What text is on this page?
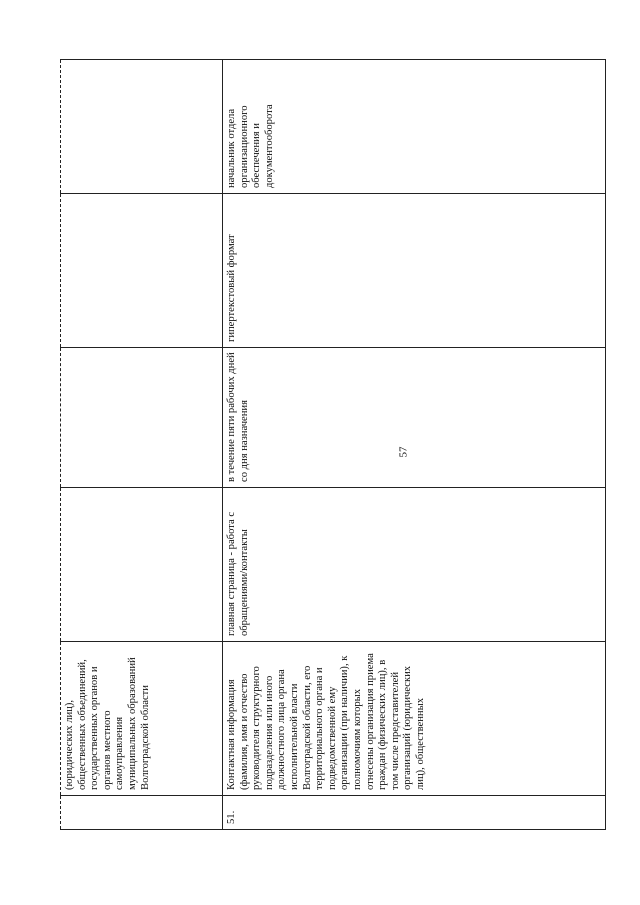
57
	(юридических лиц), общественных объединений, государственных органов и органов местного самоуправления муниципальных образований Волгоградской области				
51.	Контактная информация (фамилия, имя и отчество руководителя структурного подразделения или иного должностного лица органа исполнительной власти Волгоградской области, его территориального органа и подведомственной ему организации (при наличии), к полномочиям которых отнесены организация приема граждан (физических лиц), в том числе представителей организаций (юридических лиц), общественных	главная страница - работа с обращениями/контакты	в течение пяти рабочих дней со дня назначения	гипертекстовый формат	начальник отдела организационного обеспечения и документооборота
